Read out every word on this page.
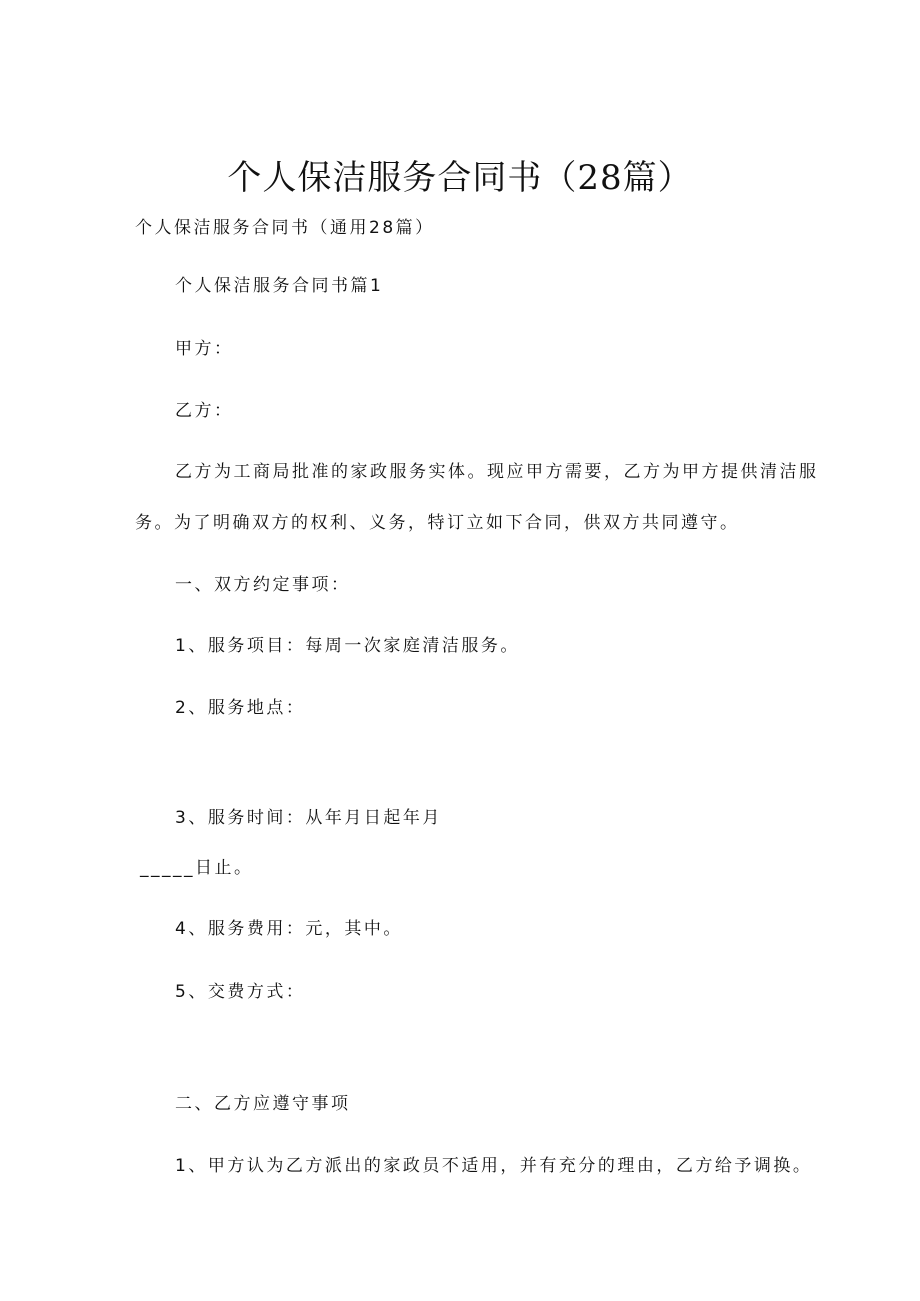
个人保洁服务合同书（28篇）
个人保洁服务合同书（通用28篇）
个人保洁服务合同书篇1
甲方：
乙方：
乙方为工商局批准的家政服务实体。现应甲方需要，乙方为甲方提供清洁服
务。为了明确双方的权利、义务，特订立如下合同，供双方共同遵守。
一、双方约定事项：
1、服务项目：每周一次家庭清洁服务。
2、服务地点：
3、服务时间：从年月日起年月
_____日止。
4、服务费用：元，其中。
5、交费方式：
二、乙方应遵守事项
1、甲方认为乙方派出的家政员不适用，并有充分的理由，乙方给予调换。
